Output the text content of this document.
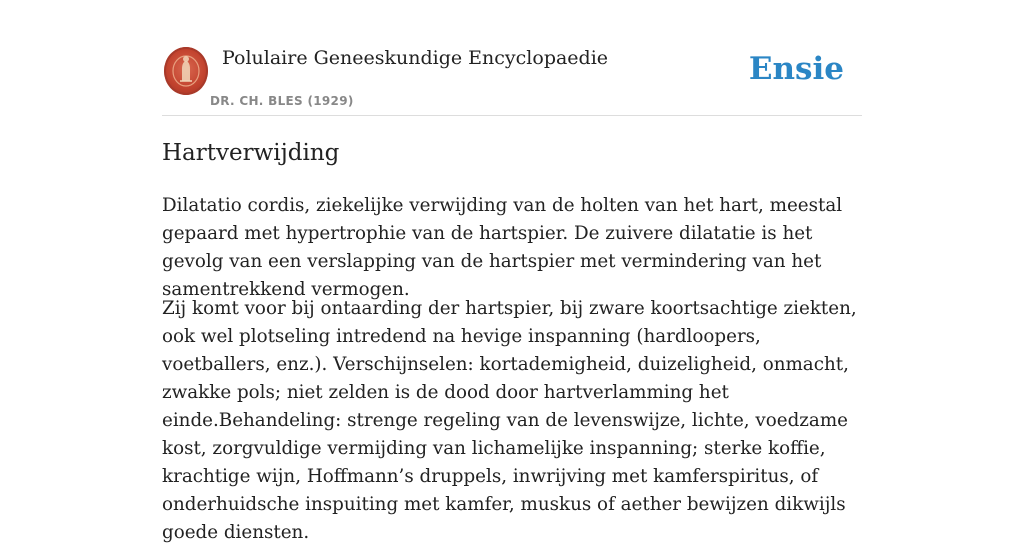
Polulaire Geneeskundige Encyclopaedie
DR. CH. BLES (1929)
Ensie
Hartverwijding

Dilatatio cordis, ziekelijke verwijding van de holten van het hart, meestal gepaard met hypertrophie van de hartspier. De zuivere dilatatie is het gevolg van een verslapping van de hartspier met vermindering van het samentrekkend vermogen.

Zij komt voor bij ontaarding der hartspier, bij zware koortsachtige ziekten, ook wel plotseling intredend na hevige inspanning (hardloopers, voetballers, enz.). Verschijnselen: kortademigheid, duizeligheid, onmacht, zwakke pols; niet zelden is de dood door hartverlamming het einde.Behandeling: strenge regeling van de levenswijze, lichte, voedzame kost, zorgvuldige vermijding van lichamelijke inspanning; sterke koffie, krachtige wijn, Hoffmann’s druppels, inwrijving met kamferspiritus, of onderhuidsche inspuiting met kamfer, muskus of aether bewijzen dikwijls goede diensten.
